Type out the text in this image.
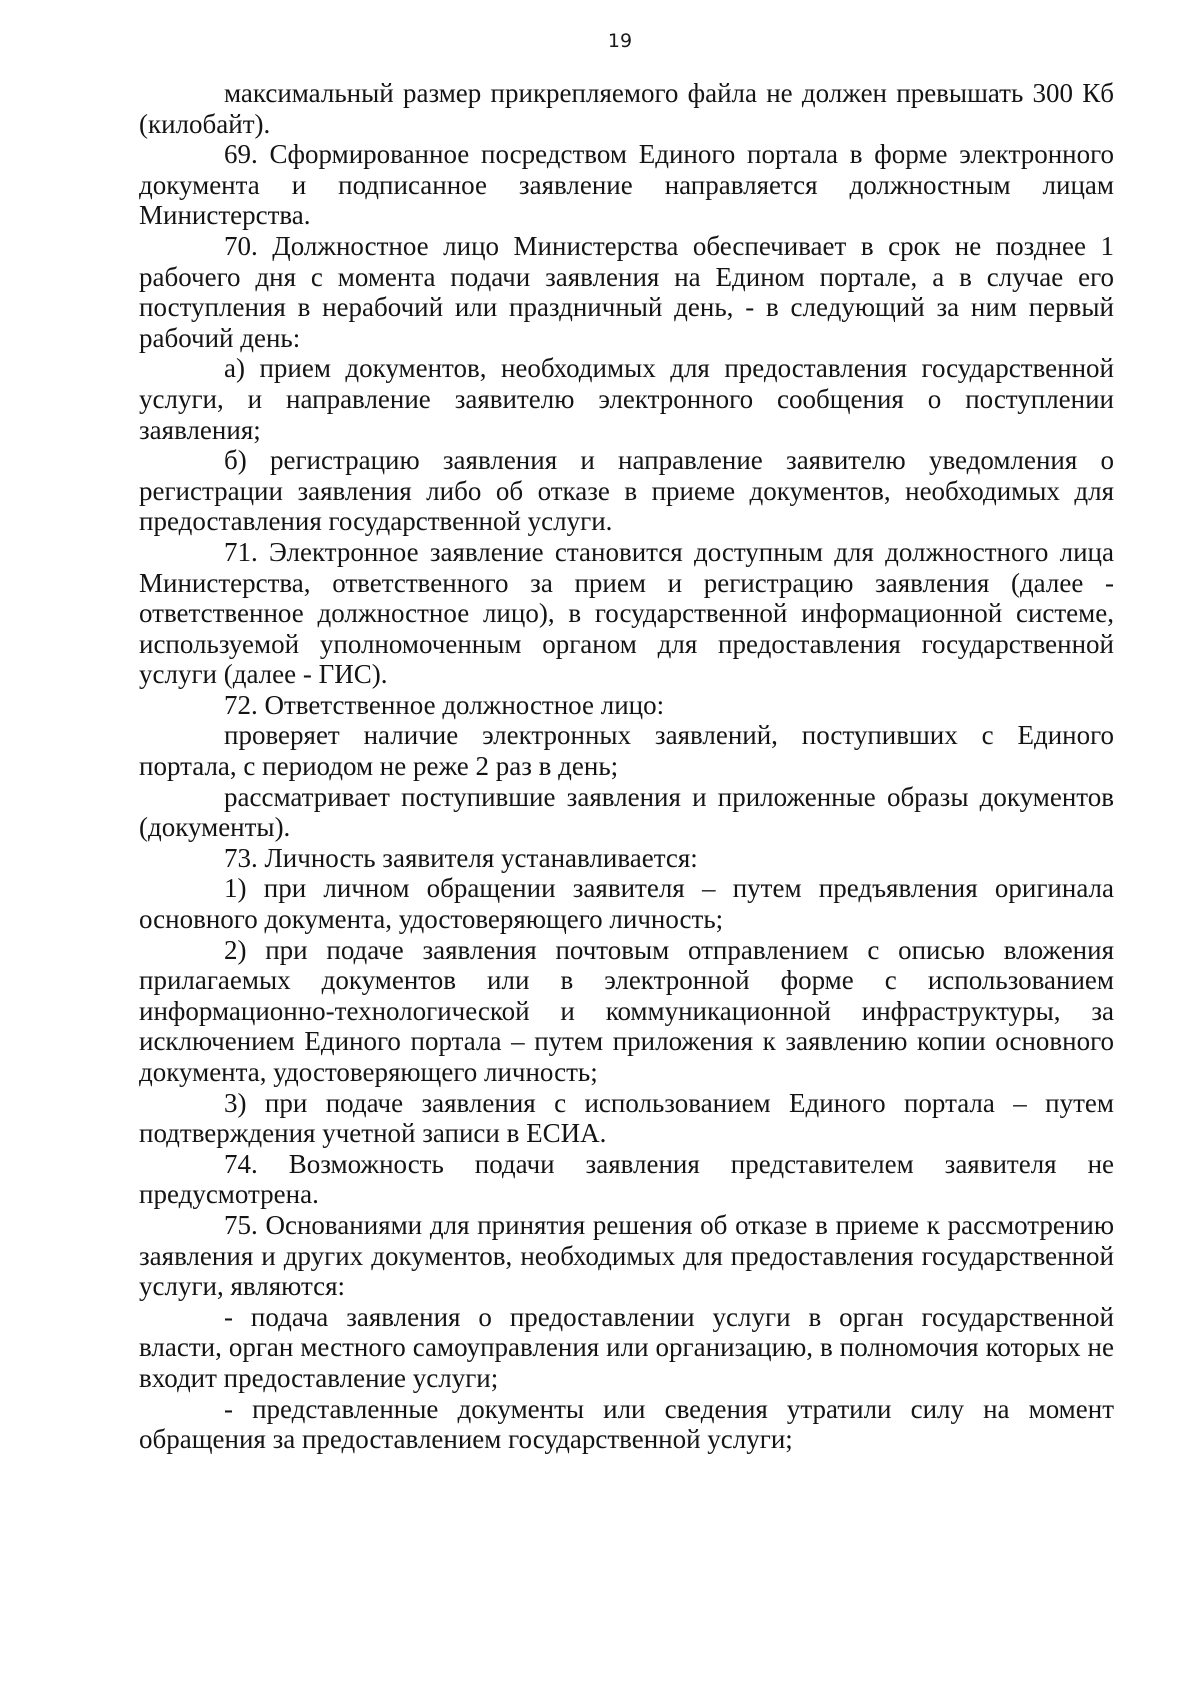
19

максимальный размер прикрепляемого файла не должен превышать 300 Кб (килобайт).

69. Сформированное посредством Единого портала в форме электронного документа и подписанное заявление направляется должностным лицам Министерства.

70. Должностное лицо Министерства обеспечивает в срок не позднее 1 рабочего дня с момента подачи заявления на Едином портале, а в случае его поступления в нерабочий или праздничный день, - в следующий за ним первый рабочий день:

а) прием документов, необходимых для предоставления государственной услуги, и направление заявителю электронного сообщения о поступлении заявления;

б) регистрацию заявления и направление заявителю уведомления о регистрации заявления либо об отказе в приеме документов, необходимых для предоставления государственной услуги.

71. Электронное заявление становится доступным для должностного лица Министерства, ответственного за прием и регистрацию заявления (далее - ответственное должностное лицо), в государственной информационной системе, используемой уполномоченным органом для предоставления государственной услуги (далее - ГИС).

72. Ответственное должностное лицо:

проверяет наличие электронных заявлений, поступивших с Единого портала, с периодом не реже 2 раз в день;

рассматривает поступившие заявления и приложенные образы документов (документы).

73. Личность заявителя устанавливается:

1) при личном обращении заявителя – путем предъявления оригинала основного документа, удостоверяющего личность;

2) при подаче заявления почтовым отправлением с описью вложения прилагаемых документов или в электронной форме с использованием информационно-технологической и коммуникационной инфраструктуры, за исключением Единого портала – путем приложения к заявлению копии основного документа, удостоверяющего личность;

3) при подаче заявления с использованием Единого портала – путем подтверждения учетной записи в ЕСИА.

74. Возможность подачи заявления представителем заявителя не предусмотрена.

75. Основаниями для принятия решения об отказе в приеме к рассмотрению заявления и других документов, необходимых для предоставления государственной услуги, являются:

- подача заявления о предоставлении услуги в орган государственной власти, орган местного самоуправления или организацию, в полномочия которых не входит предоставление услуги;

- представленные документы или сведения утратили силу на момент обращения за предоставлением государственной услуги;
